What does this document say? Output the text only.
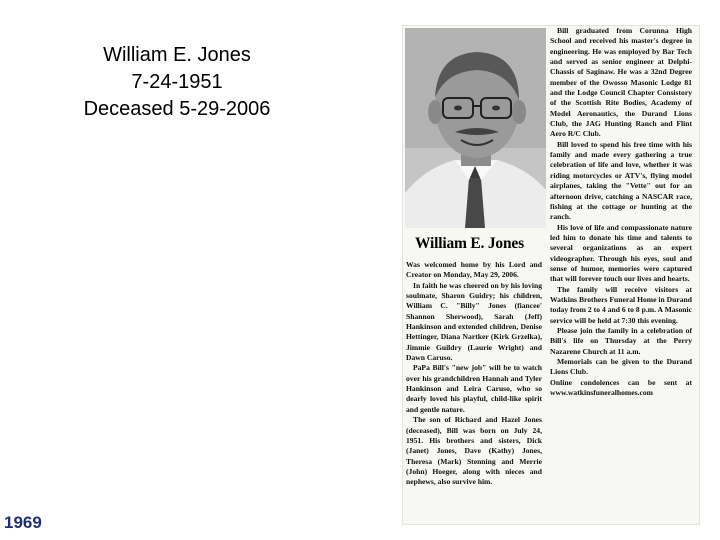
William E. Jones
7-24-1951
Deceased 5-29-2006
William E. Jones

Was welcomed home by his Lord and Creator on Monday, May 29, 2006.

In faith he was cheered on by his loving soulmate, Sharon Guidry; his children, William C. "Billy" Jones (fiancee' Shannon Sherwood), Sarah (Jeff) Hankinson and extended children, Denise Hettinger, Diana Nartker (Kirk Grzelka), Jimmie Guildry (Laurie Wright) and Dawn Caruso.

PaPa Bill's "new job" will be to watch over his grandchildren Hannah and Tyler Hankinson and Leira Caruso, who so dearly loved his playful, child-like spirit and gentle nature.

The son of Richard and Hazel Jones (deceased), Bill was born on July 24, 1951. His brothers and sisters, Dick (Janet) Jones, Dave (Kathy) Jones, Theresa (Mark) Stenning and Merrie (John) Hoeger, along with nieces and nephews, also survive him.

Bill graduated from Corunna High School and received his master's degree in engineering. He was employed by Bar Tech and served as senior engineer at Delphi-Chassis of Saginaw. He was a 32nd Degree member of the Owosso Masonic Lodge 81 and the Lodge Council Chapter Consistory of the Scottish Rite Bodies, Academy of Model Aeronautics, the Durand Lions Club, the JAG Hunting Ranch and Flint Aero R/C Club.

Bill loved to spend his free time with his family and made every gathering a true celebration of life and love, whether it was riding motorcycles or ATV's, flying model airplanes, taking the "Vette" out for an afternoon drive, catching a NASCAR race, fishing at the cottage or hunting at the ranch.

His love of life and compassionate nature led him to donate his time and talents to several organizations as an expert videographer. Through his eyes, soul and sense of humor, memories were captured that will forever touch our lives and hearts.

The family will receive visitors at Watkins Brothers Funeral Home in Durand today from 2 to 4 and 6 to 8 p.m. A Masonic service will be held at 7:30 this evening.

Please join the family in a celebration of Bill's life on Thursday at the Perry Nazarene Church at 11 a.m.

Memorials can be given to the Durand Lions Club.

Online condolences can be sent at www.watkinsfuneralhomes.com

1969
